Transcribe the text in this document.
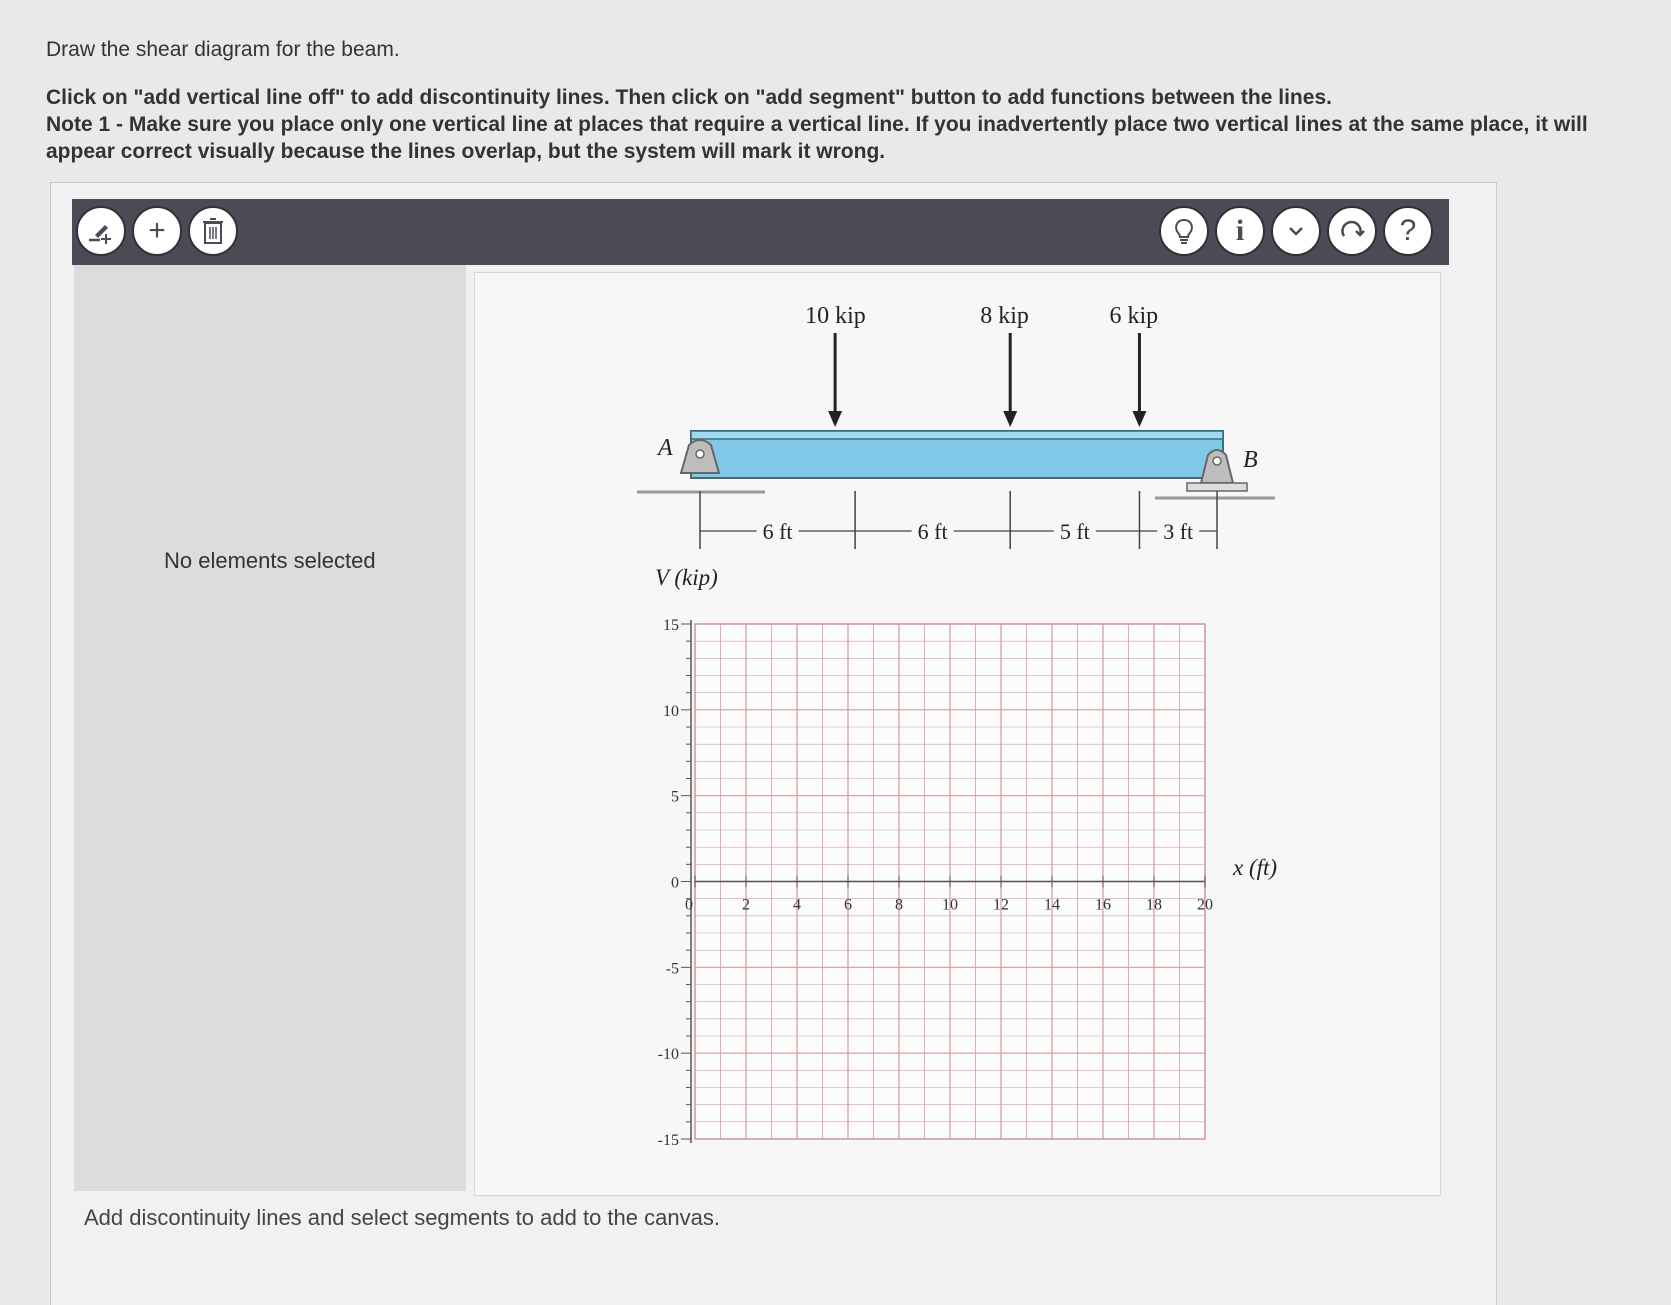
Draw the shear diagram for the beam.

Click on "add vertical line off" to add discontinuity lines. Then click on "add segment" button to add functions between the lines.

Note 1 - Make sure you place only one vertical line at places that require a vertical line. If you inadvertently place two vertical lines at the same place, it will appear correct visually because the lines overlap, but the system will mark it wrong.

+	i	?
No elements selected
A	B
10 kip	8 kip	6 kip
6 ft	6 ft	5 ft	3 ft
15
10
5
0
-5
-10
-15
0	2	4	6	8 10 12 14 16 18 20
V (kip)
x (ft)
Add discontinuity lines and select segments to add to the canvas.
